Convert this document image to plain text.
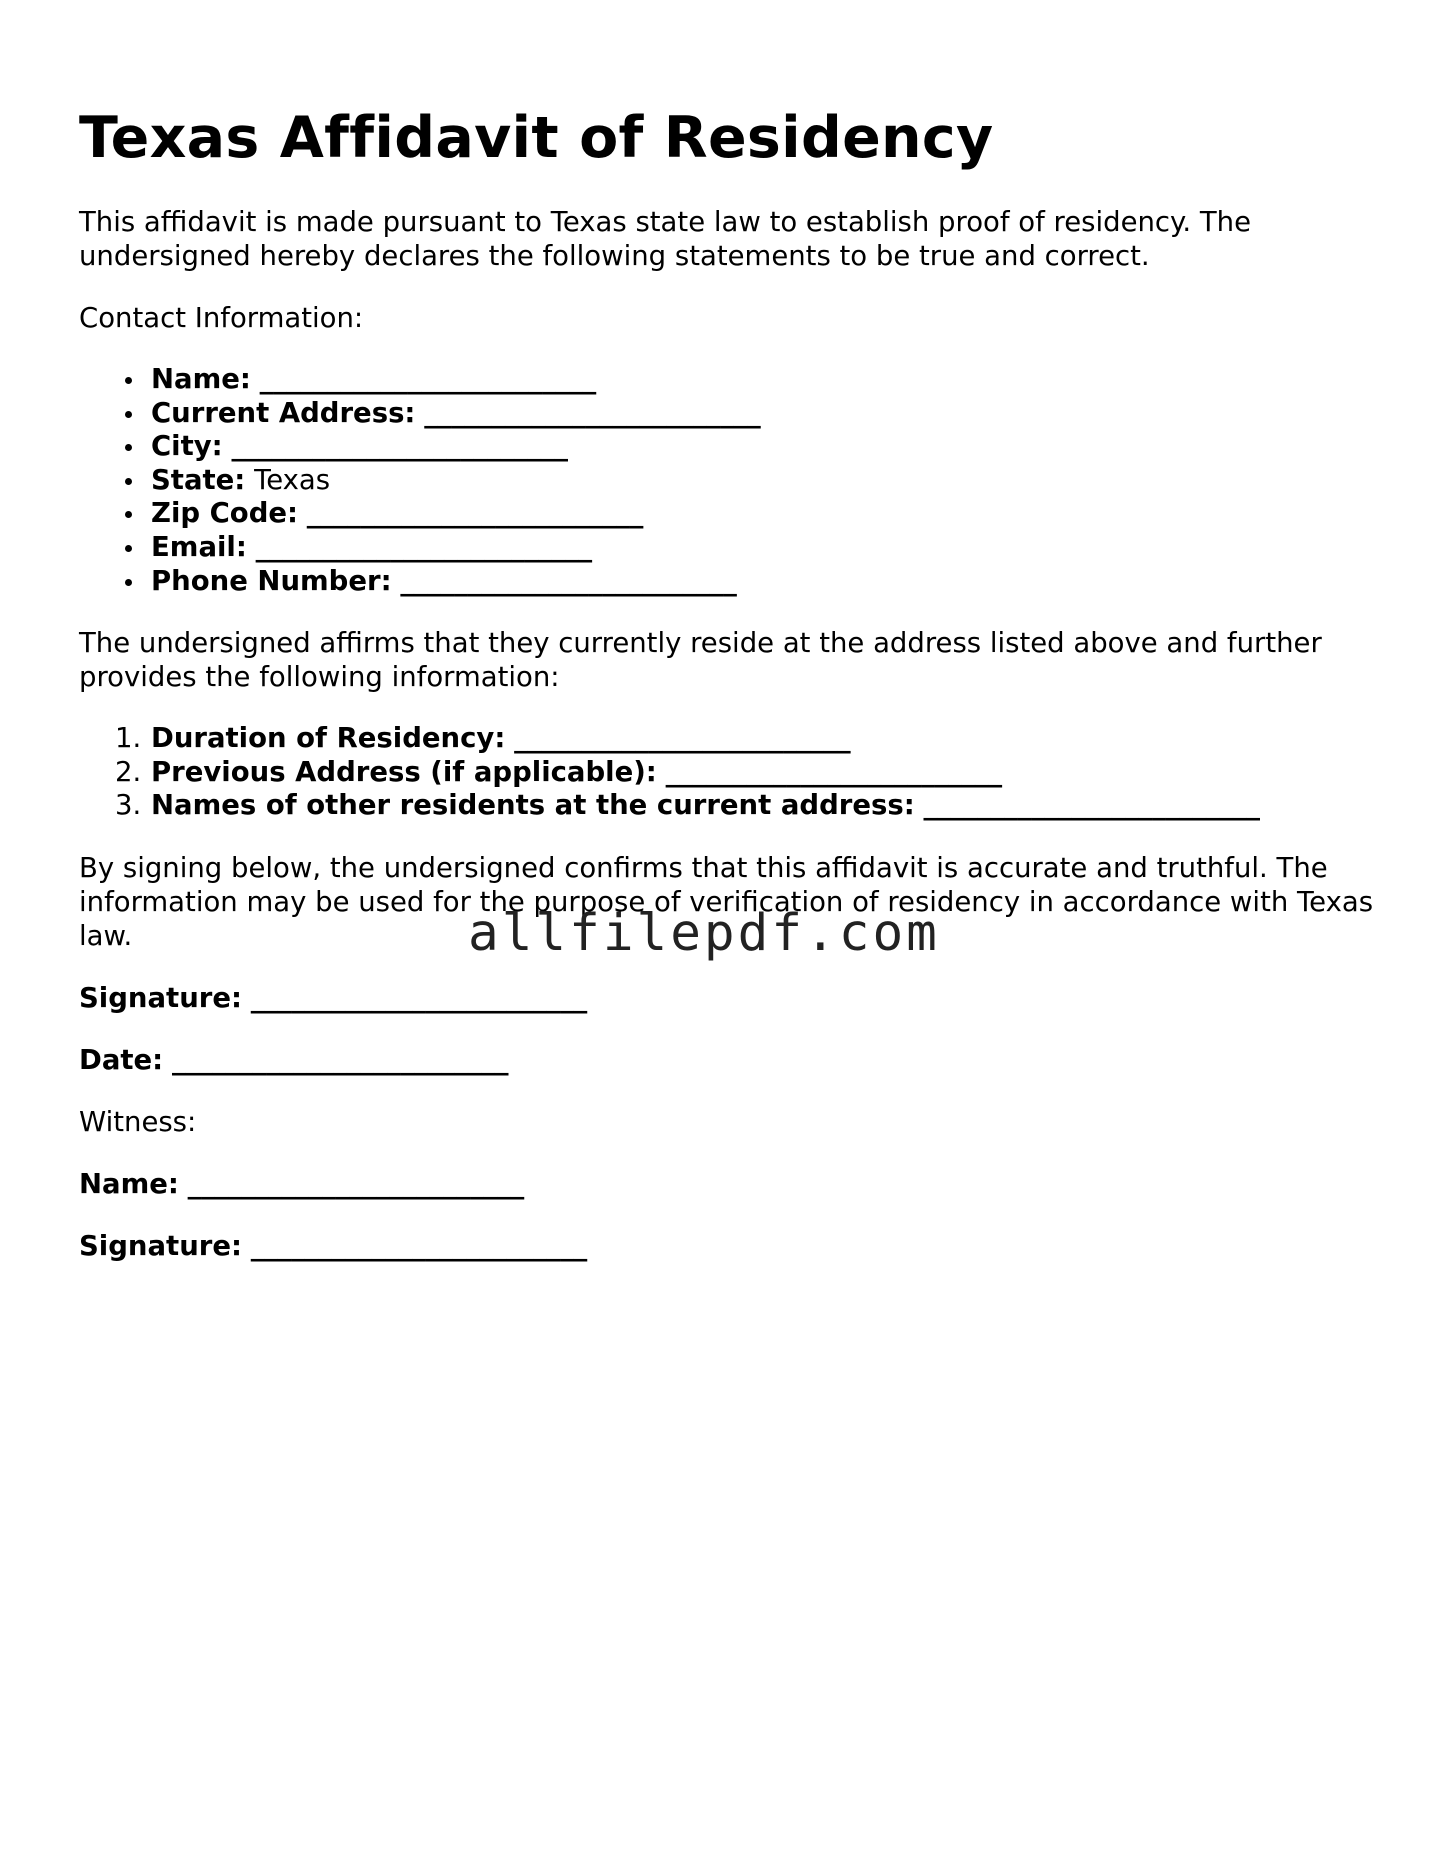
Texas Affidavit of Residency

This affidavit is made pursuant to Texas state law to establish proof of residency. The undersigned hereby declares the following statements to be true and correct.

Contact Information:

Name: _________________________
Current Address: _________________________
City: _________________________
State: Texas
Zip Code: _________________________
Email: _________________________
Phone Number: _________________________

The undersigned affirms that they currently reside at the address listed above and further provides the following information:

1. Duration of Residency: _________________________
2. Previous Address (if applicable): _________________________
3. Names of other residents at the current address: _________________________

By signing below, the undersigned confirms that this affidavit is accurate and truthful. The information may be used for the purpose of verification of residency in accordance with Texas law.

Signature: _________________________
Date: _________________________

Witness:

Name: _________________________
Signature: _________________________
allfilepdf.com
